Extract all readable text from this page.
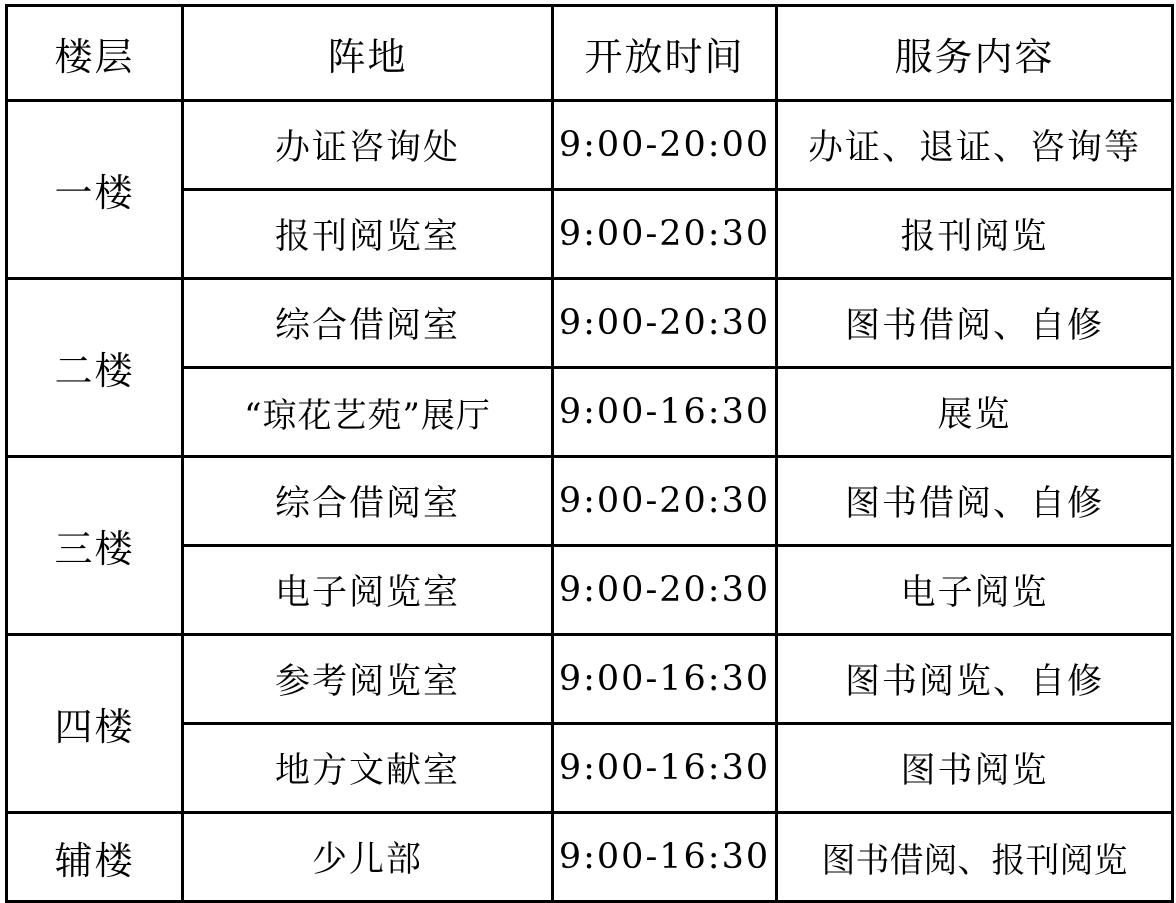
楼层	阵地	开放时间	服务内容
一楼	办证咨询处	9:00-20:00	办证、退证、咨询等
	报刊阅览室	9:00-20:30	报刊阅览
二楼	综合借阅室	9:00-20:30	图书借阅、自修
	“琼花艺苑”展厅	9:00-16:30	展览
三楼	综合借阅室	9:00-20:30	图书借阅、自修
	电子阅览室	9:00-20:30	电子阅览
四楼	参考阅览室	9:00-16:30	图书阅览、自修
	地方文献室	9:00-16:30	图书阅览
辅楼	少儿部	9:00-16:30	图书借阅、报刊阅览
